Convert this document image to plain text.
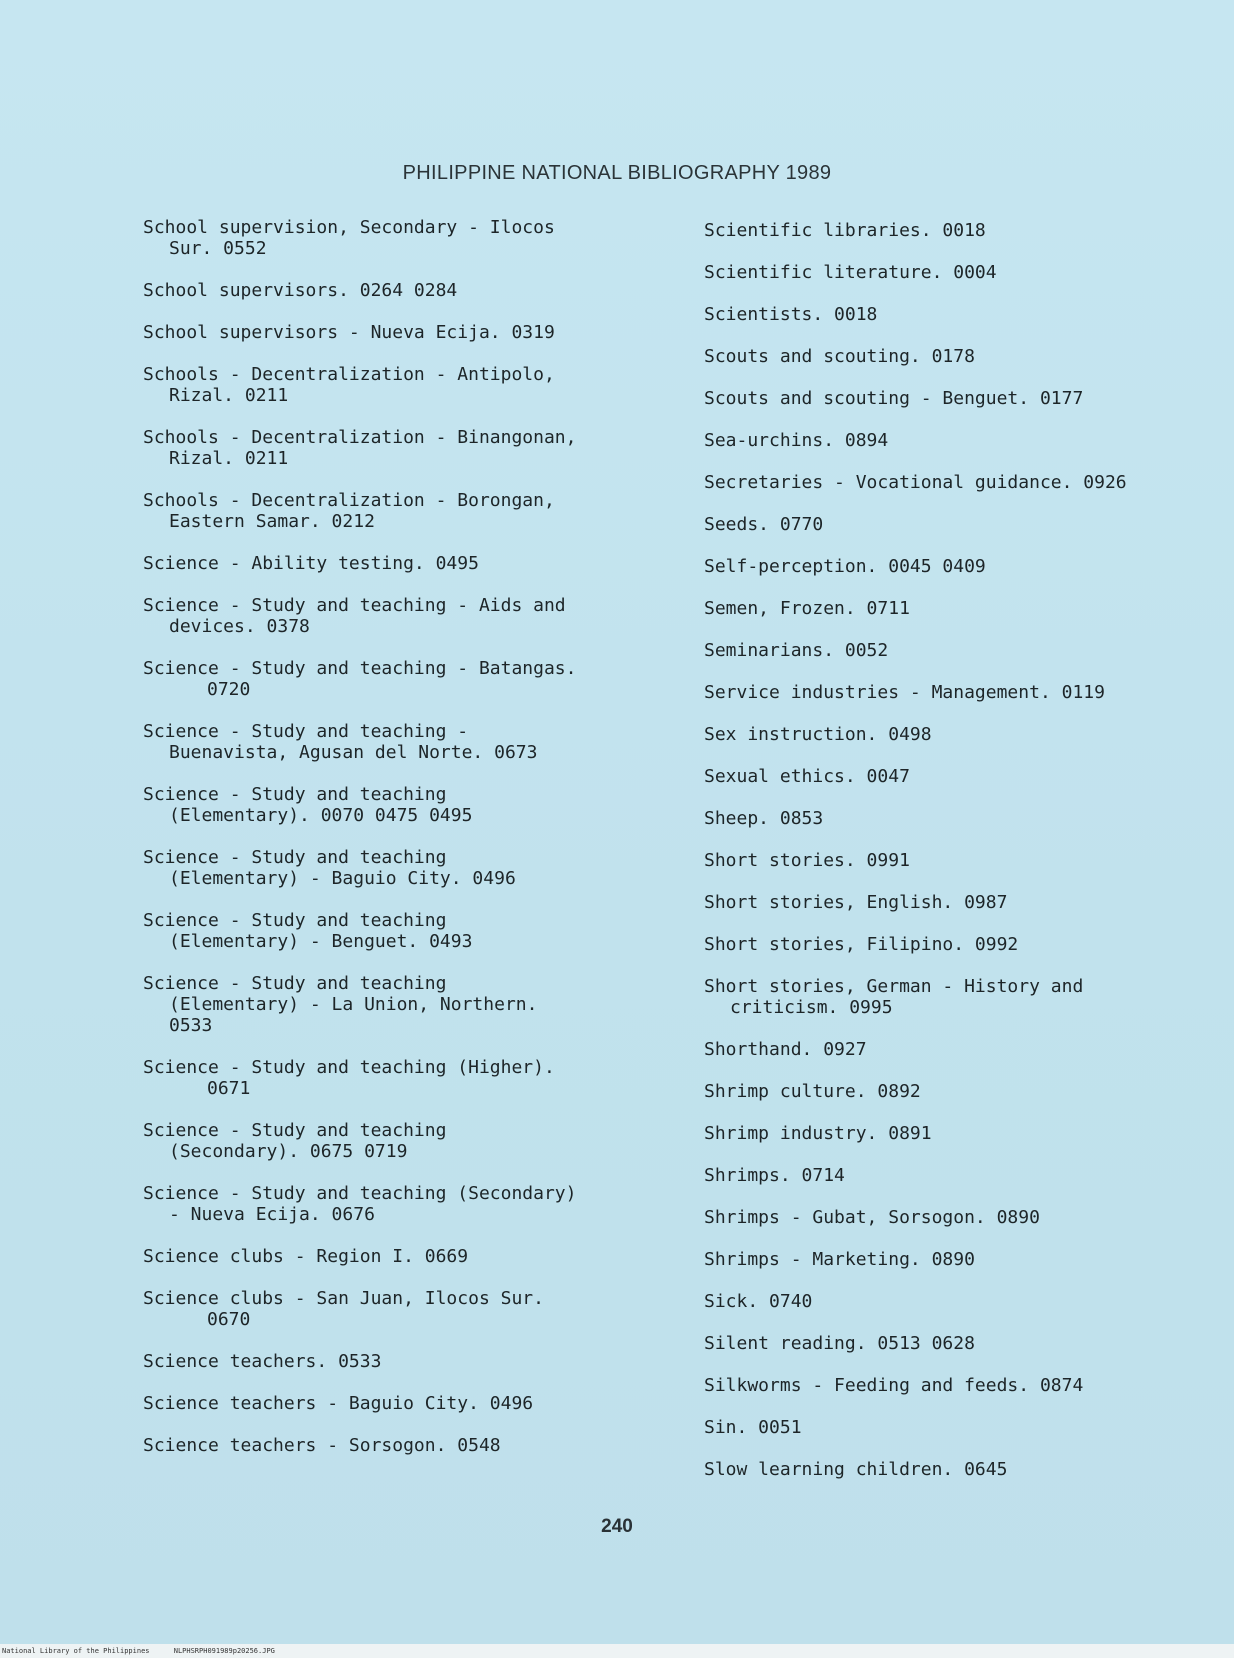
PHILIPPINE NATIONAL BIBLIOGRAPHY 1989

School supervision, Secondary - Ilocos
Sur. 0552

School supervisors. 0264 0284

School supervisors - Nueva Ecija. 0319

Schools - Decentralization - Antipolo,
Rizal. 0211

Schools - Decentralization - Binangonan,
Rizal. 0211

Schools - Decentralization - Borongan,
Eastern Samar. 0212

Science - Ability testing. 0495

Science - Study and teaching - Aids and
devices. 0378

Science - Study and teaching - Batangas.
0720

Science - Study and teaching -
Buenavista, Agusan del Norte. 0673

Science - Study and teaching
(Elementary). 0070 0475 0495

Science - Study and teaching
(Elementary) - Baguio City. 0496

Science - Study and teaching
(Elementary) - Benguet. 0493

Science - Study and teaching
(Elementary) - La Union, Northern.
0533

Science - Study and teaching (Higher).
0671

Science - Study and teaching
(Secondary). 0675 0719

Science - Study and teaching (Secondary)
- Nueva Ecija. 0676

Science clubs - Region I. 0669

Science clubs - San Juan, Ilocos Sur.
0670

Science teachers. 0533

Science teachers - Baguio City. 0496

Science teachers - Sorsogon. 0548

Scientific libraries. 0018

Scientific literature. 0004

Scientists. 0018

Scouts and scouting. 0178

Scouts and scouting - Benguet. 0177

Sea-urchins. 0894

Secretaries - Vocational guidance. 0926

Seeds. 0770

Self-perception. 0045 0409

Semen, Frozen. 0711

Seminarians. 0052

Service industries - Management. 0119

Sex instruction. 0498

Sexual ethics. 0047

Sheep. 0853

Short stories. 0991

Short stories, English. 0987

Short stories, Filipino. 0992

Short stories, German - History and
criticism. 0995

Shorthand. 0927

Shrimp culture. 0892

Shrimp industry. 0891

Shrimps. 0714

Shrimps - Gubat, Sorsogon. 0890

Shrimps - Marketing. 0890

Sick. 0740

Silent reading. 0513 0628

Silkworms - Feeding and feeds. 0874

Sin. 0051

Slow learning children. 0645

240
National Library of the Philippines	NLPHSRPH091989p20256.JPG
